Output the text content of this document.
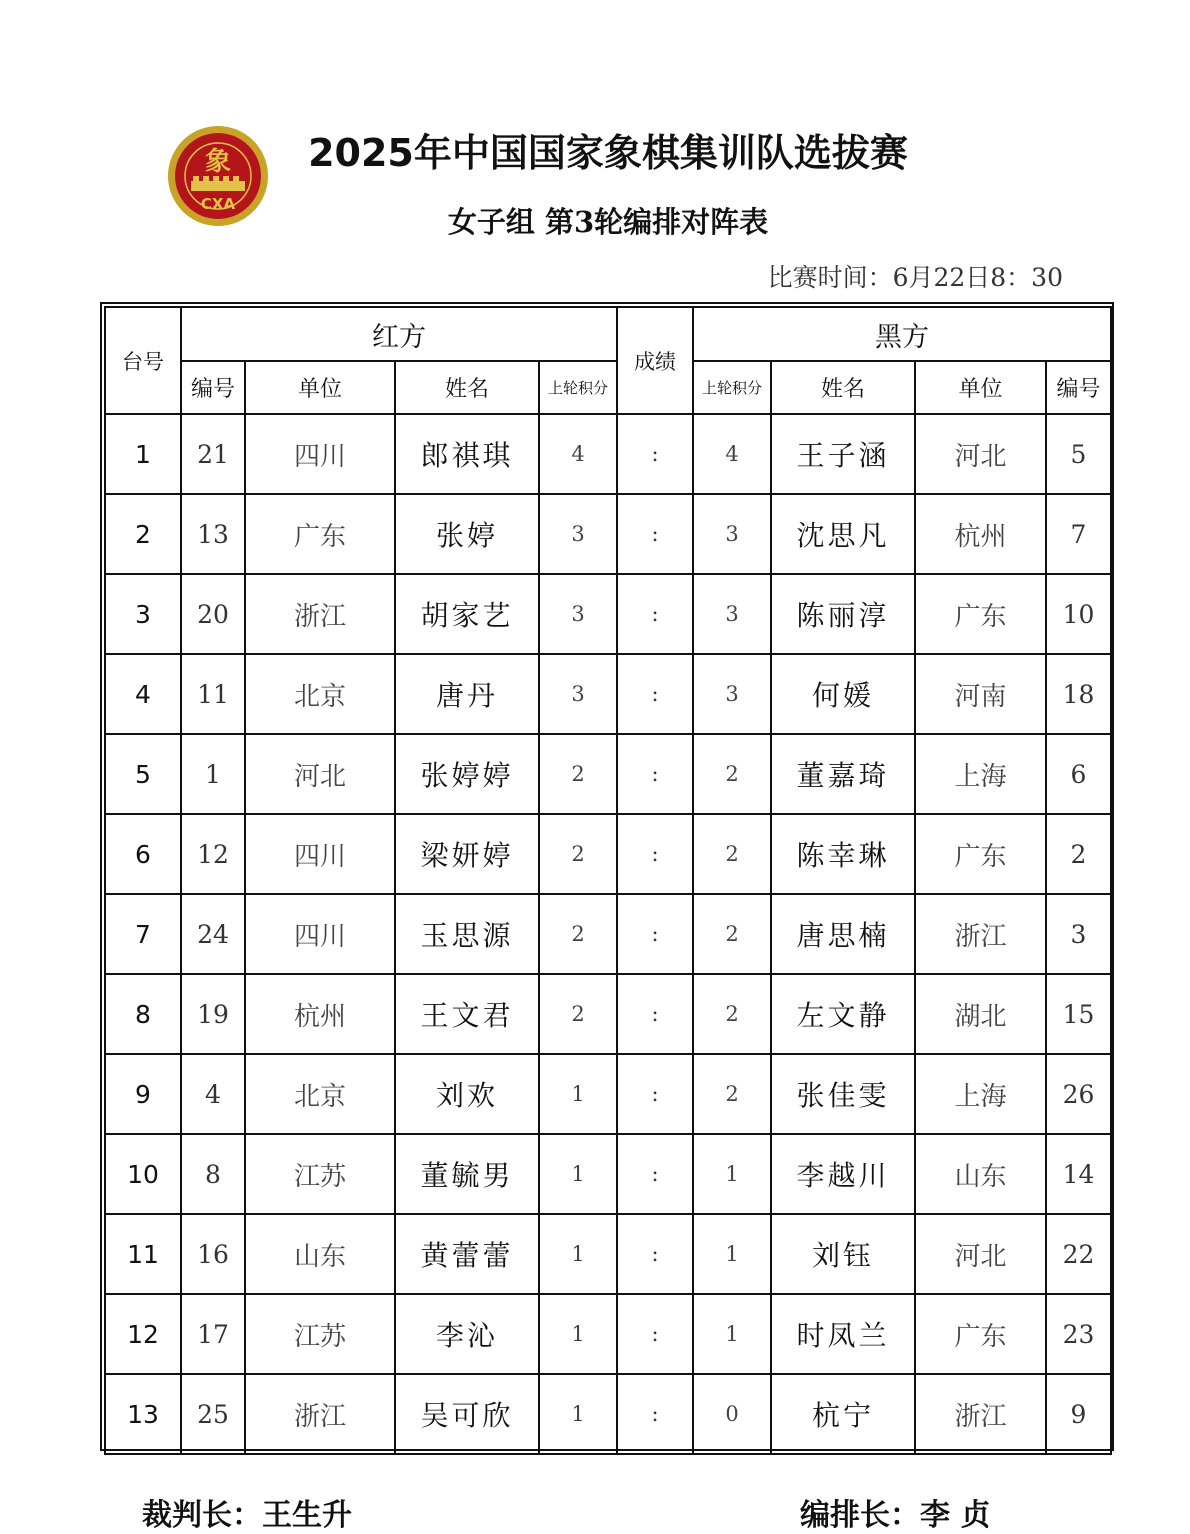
象
CXA
2025年中国国家象棋集训队选拔赛
女子组 第3轮编排对阵表
比赛时间：6月22日8：30
台号	红方				成绩	黑方			
	编号	单位	姓名	上轮积分		上轮积分	姓名	单位	编号
1	21	四川	郎祺琪	4	:	4	王子涵	河北	5
2	13	广东	张婷	3	:	3	沈思凡	杭州	7
3	20	浙江	胡家艺	3	:	3	陈丽淳	广东	10
4	11	北京	唐丹	3	:	3	何媛	河南	18
5	1	河北	张婷婷	2	:	2	董嘉琦	上海	6
6	12	四川	梁妍婷	2	:	2	陈幸琳	广东	2
7	24	四川	玉思源	2	:	2	唐思楠	浙江	3
8	19	杭州	王文君	2	:	2	左文静	湖北	15
9	4	北京	刘欢	1	:	2	张佳雯	上海	26
10	8	江苏	董毓男	1	:	1	李越川	山东	14
11	16	山东	黄蕾蕾	1	:	1	刘钰	河北	22
12	17	江苏	李沁	1	:	1	时凤兰	广东	23
13	25	浙江	吴可欣	1	:	0	杭宁	浙江	9
裁判长：王生升	编排长：李 贞
